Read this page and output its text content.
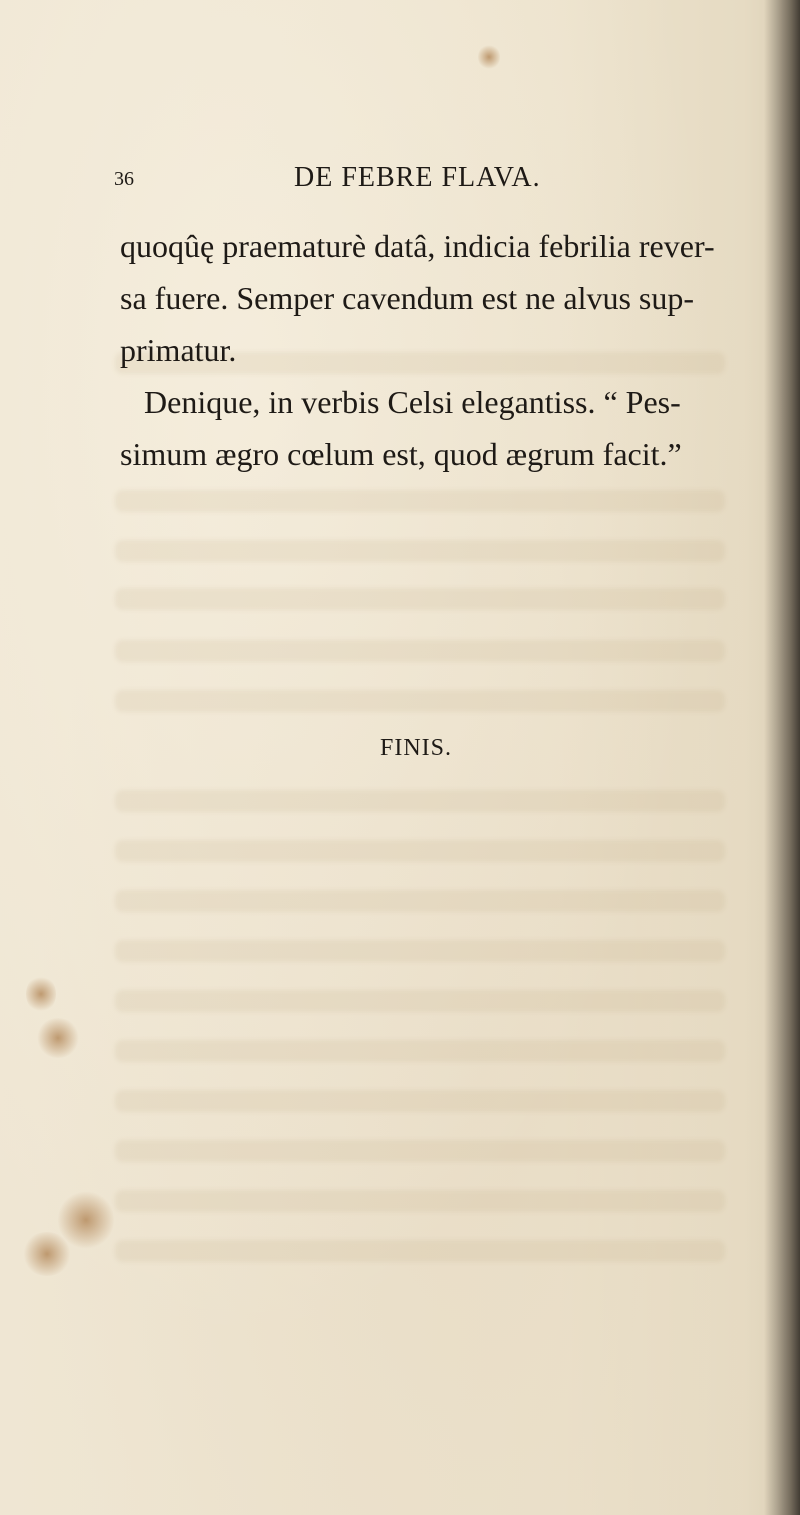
36	DE FEBRE FLAVA.
quoqûę praematurè datâ, indicia febrilia rever-
sa fuere. Semper cavendum est ne alvus sup-
primatur.
Denique, in verbis Celsi elegantiss. “ Pes-
simum ægro cœlum est, quod ægrum facit.”
FINIS.
